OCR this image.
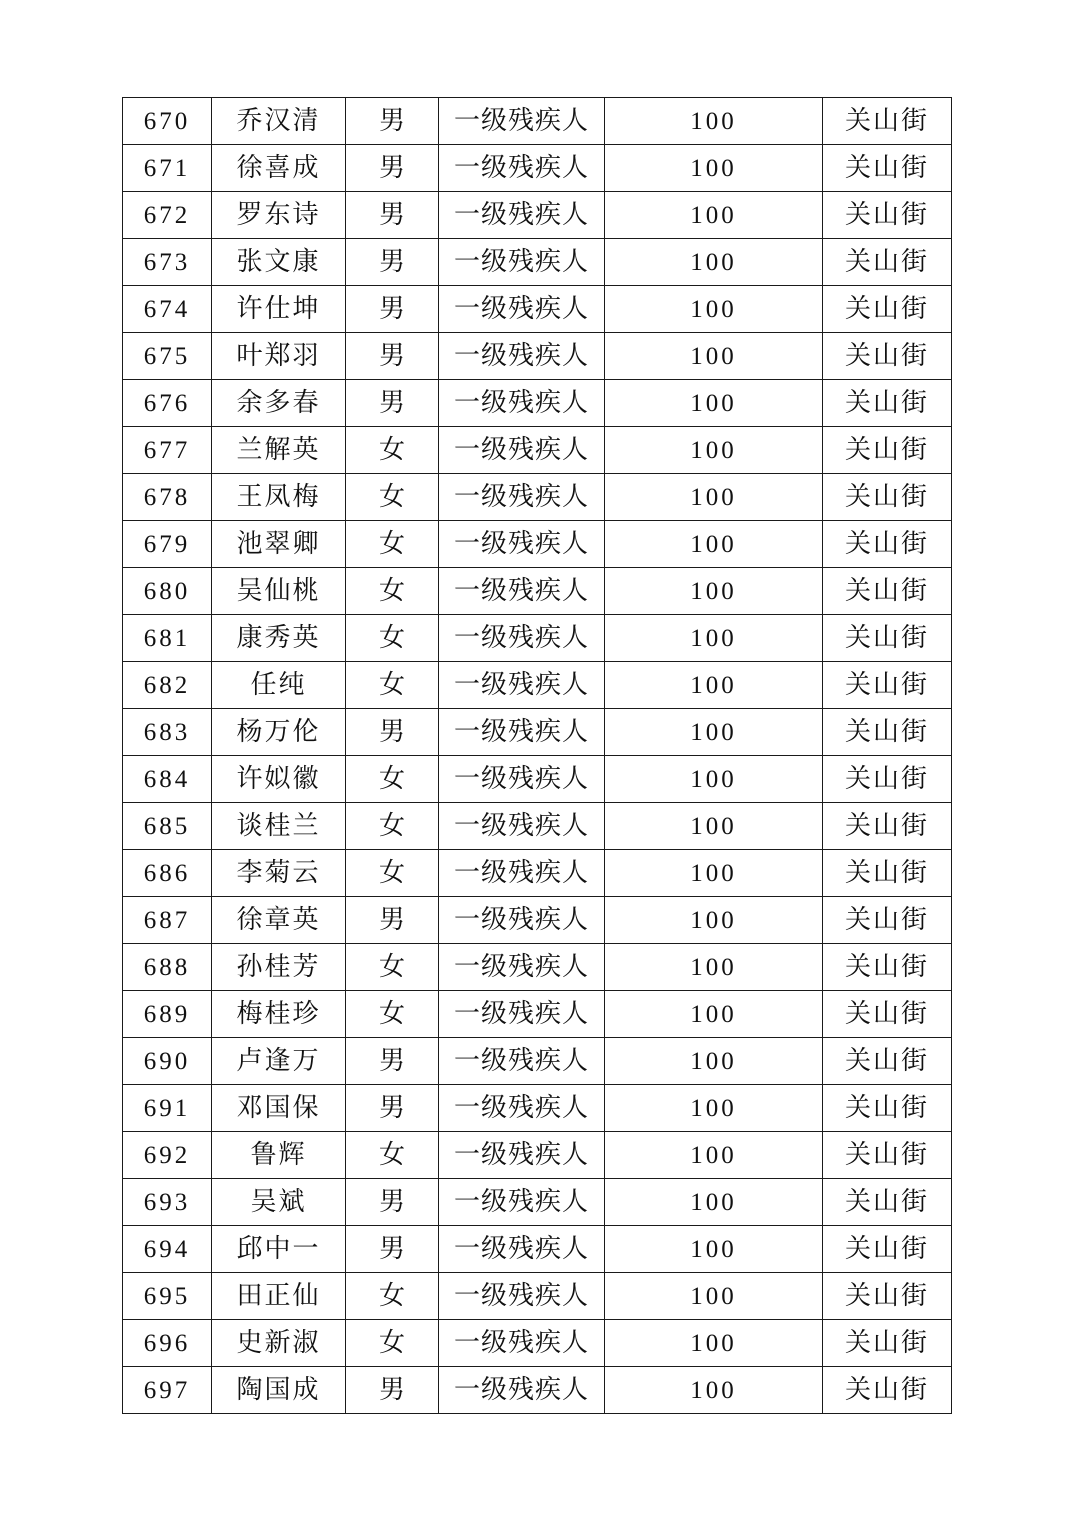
670	乔汉清	男	一级残疾人	100	关山街
671	徐喜成	男	一级残疾人	100	关山街
672	罗东诗	男	一级残疾人	100	关山街
673	张文康	男	一级残疾人	100	关山街
674	许仕坤	男	一级残疾人	100	关山街
675	叶郑羽	男	一级残疾人	100	关山街
676	余多春	男	一级残疾人	100	关山街
677	兰解英	女	一级残疾人	100	关山街
678	王凤梅	女	一级残疾人	100	关山街
679	池翠卿	女	一级残疾人	100	关山街
680	吴仙桃	女	一级残疾人	100	关山街
681	康秀英	女	一级残疾人	100	关山街
682	任纯	女	一级残疾人	100	关山街
683	杨万伦	男	一级残疾人	100	关山街
684	许姒徽	女	一级残疾人	100	关山街
685	谈桂兰	女	一级残疾人	100	关山街
686	李菊云	女	一级残疾人	100	关山街
687	徐章英	男	一级残疾人	100	关山街
688	孙桂芳	女	一级残疾人	100	关山街
689	梅桂珍	女	一级残疾人	100	关山街
690	卢逢万	男	一级残疾人	100	关山街
691	邓国保	男	一级残疾人	100	关山街
692	鲁辉	女	一级残疾人	100	关山街
693	吴斌	男	一级残疾人	100	关山街
694	邱中一	男	一级残疾人	100	关山街
695	田正仙	女	一级残疾人	100	关山街
696	史新淑	女	一级残疾人	100	关山街
697	陶国成	男	一级残疾人	100	关山街
